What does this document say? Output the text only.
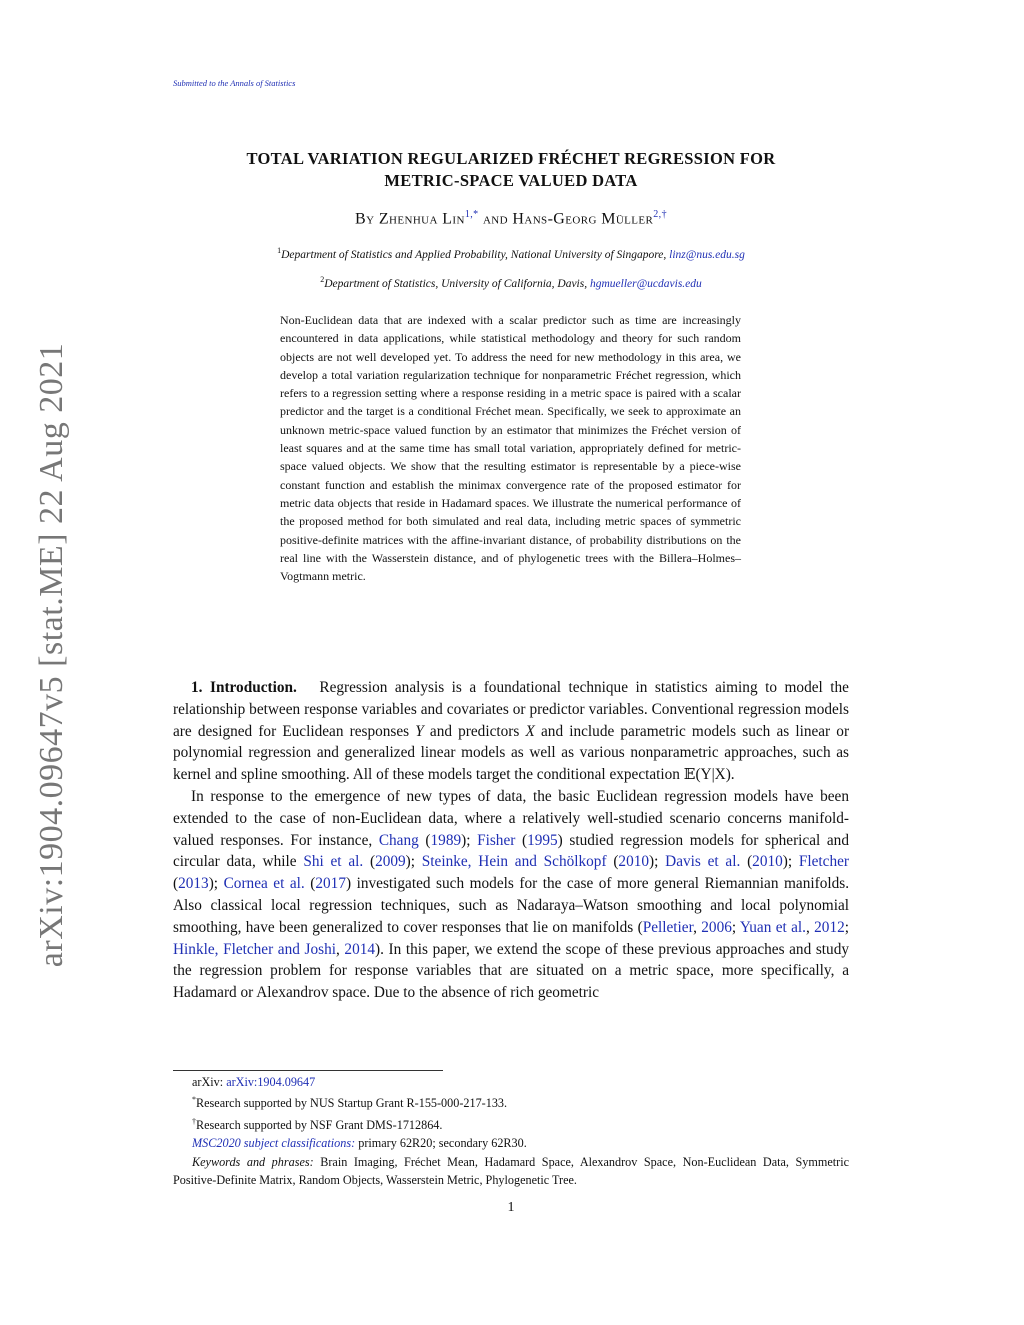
Submitted to the Annals of Statistics
TOTAL VARIATION REGULARIZED FRÉCHET REGRESSION FOR
METRIC-SPACE VALUED DATA
By Zhenhua Lin$^{1,*}$ and Hans-Georg Müller$^{2,\dagger}$
$^1$Department of Statistics and Applied Probability, National University of Singapore, linz@nus.edu.sg
$^2$Department of Statistics, University of California, Davis, hgmueller@ucdavis.edu
Non-Euclidean data that are indexed with a scalar predictor such as time are increasingly encountered in data applications, while statistical methodology and theory for such random objects are not well developed yet. To address the need for new methodology in this area, we develop a total variation regularization technique for nonparametric Fréchet regression, which refers to a regression setting where a response residing in a metric space is paired with a scalar predictor and the target is a conditional Fréchet mean. Specifically, we seek to approximate an unknown metric-space valued function by an estimator that minimizes the Fréchet version of least squares and at the same time has small total variation, appropriately defined for metric-space valued objects. We show that the resulting estimator is representable by a piece-wise constant function and establish the minimax convergence rate of the proposed estimator for metric data objects that reside in Hadamard spaces. We illustrate the numerical performance of the proposed method for both simulated and real data, including metric spaces of symmetric positive-definite matrices with the affine-invariant distance, of probability distributions on the real line with the Wasserstein distance, and of phylogenetic trees with the Billera–Holmes–Vogtmann metric.
arXiv:1904.09647v5 [stat.ME] 22 Aug 2021	1. Introduction. Regression analysis is a foundational technique in statistics aiming to model the relationship between response variables and covariates or predictor variables. Conventional regression models are designed for Euclidean responses Y and predictors X and include parametric models such as linear or polynomial regression and generalized linear models as well as various nonparametric approaches, such as kernel and spline smoothing. All of these models target the conditional expectation 𝔼(Y|X).

In response to the emergence of new types of data, the basic Euclidean regression models have been extended to the case of non-Euclidean data, where a relatively well-studied scenario concerns manifold-valued responses. For instance, Chang (1989); Fisher (1995) studied regression models for spherical and circular data, while Shi et al. (2009); Steinke, Hein and Schölkopf (2010); Davis et al. (2010); Fletcher (2013); Cornea et al. (2017) investigated such models for the case of more general Riemannian manifolds. Also classical local regression techniques, such as Nadaraya–Watson smoothing and local polynomial smoothing, have been generalized to cover responses that lie on manifolds (Pelletier, 2006; Yuan et al., 2012; Hinkle, Fletcher and Joshi, 2014). In this paper, we extend the scope of these previous approaches and study the regression problem for response variables that are situated on a metric space, more specifically, a Hadamard or Alexandrov space. Due to the absence of rich geometric

arXiv: arXiv:1904.09647
*Research supported by NUS Startup Grant R-155-000-217-133.
†Research supported by NSF Grant DMS-1712864.
MSC2020 subject classifications: primary 62R20; secondary 62R30.
Keywords and phrases: Brain Imaging, Fréchet Mean, Hadamard Space, Alexandrov Space, Non-Euclidean Data, Symmetric Positive-Definite Matrix, Random Objects, Wasserstein Metric, Phylogenetic Tree.
1
